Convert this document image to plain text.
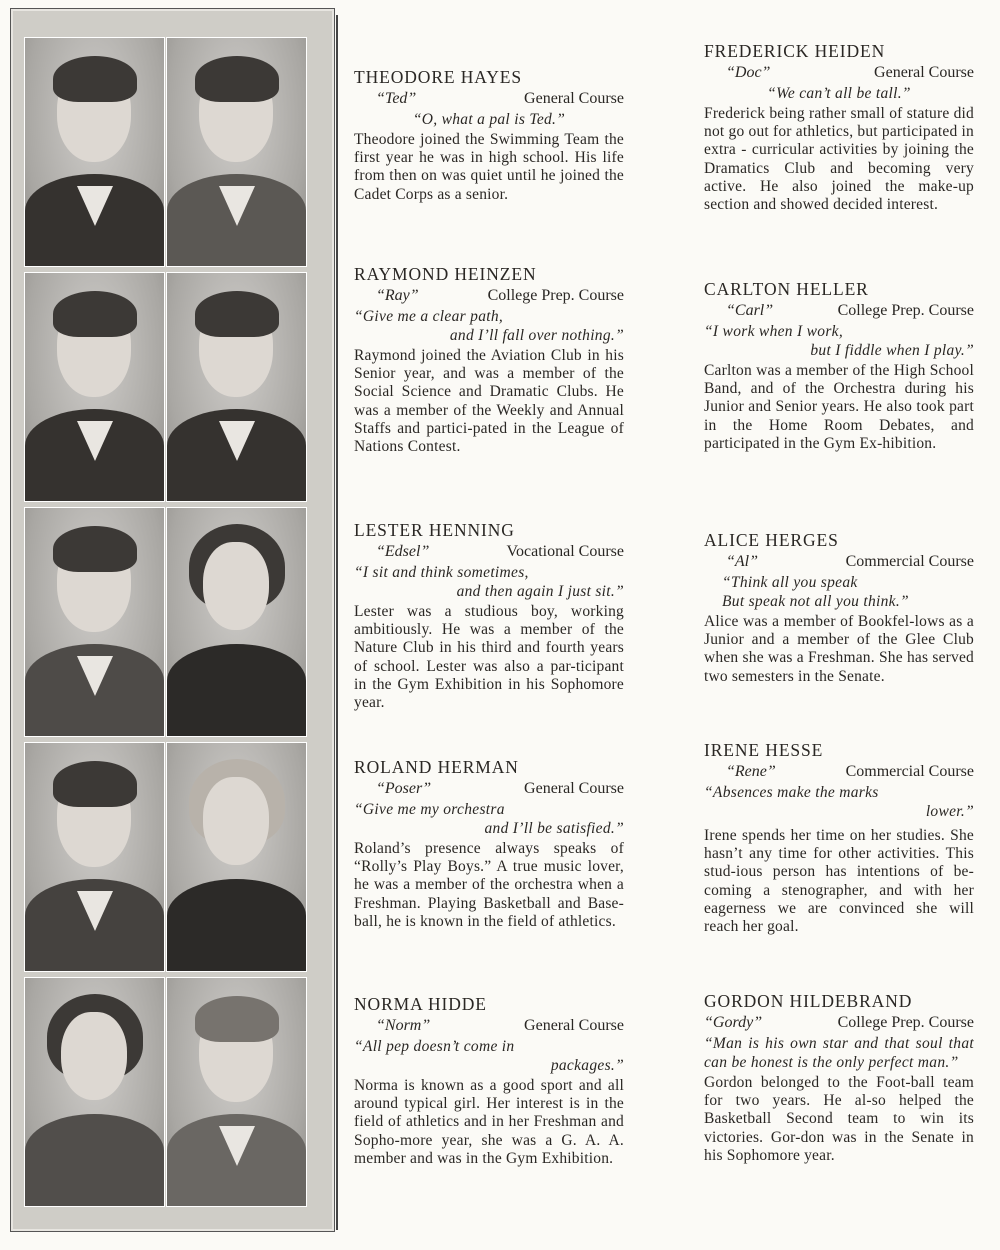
THEODORE HAYES
“Ted”	General Course
“O, what a pal is Ted.”
Theodore joined the Swimming Team the first year he was in high school. His life from then on was quiet until he joined the Cadet Corps as a senior.
RAYMOND HEINZEN
“Ray”	College Prep. Course
“Give me a clear path,
and I’ll fall over nothing.”
Raymond joined the Aviation Club in his Senior year, and was a member of the Social Science and Dramatic Clubs. He was a member of the Weekly and Annual Staffs and partici-pated in the League of Nations Contest.
LESTER HENNING
“Edsel”	Vocational Course
“I sit and think sometimes,
and then again I just sit.”
Lester was a studious boy, working ambitiously. He was a member of the Nature Club in his third and fourth years of school. Lester was also a par-ticipant in the Gym Exhibition in his Sophomore year.
ROLAND HERMAN
“Poser”	General Course
“Give me my orchestra
and I’ll be satisfied.”
Roland’s presence always speaks of “Rolly’s Play Boys.” A true music lover, he was a member of the orchestra when a Freshman. Playing Basketball and Base-ball, he is known in the field of athletics.
NORMA HIDDE
“Norm”	General Course
“All pep doesn’t come in
packages.”
Norma is known as a good sport and all around typical girl. Her interest is in the field of athletics and in her Freshman and Sopho-more year, she was a G. A. A. member and was in the Gym Exhibition.
FREDERICK HEIDEN
“Doc”	General Course
“We can’t all be tall.”
Frederick being rather small of stature did not go out for athletics, but participated in extra - curricular activities by joining the Dramatics Club and becoming very active. He also joined the make-up section and showed decided interest.
CARLTON HELLER
“Carl”	College Prep. Course
“I work when I work,
but I fiddle when I play.”
Carlton was a member of the High School Band, and of the Orchestra during his Junior and Senior years. He also took part in the Home Room Debates, and participated in the Gym Ex-hibition.
ALICE HERGES
“Al”	Commercial Course
“Think all you speak
But speak not all you think.”
Alice was a member of Bookfel-lows as a Junior and a member of the Glee Club when she was a Freshman. She has served two semesters in the Senate.
IRENE HESSE
“Rene”	Commercial Course
“Absences make the marks
lower.”
Irene spends her time on her studies. She hasn’t any time for other activities. This stud-ious person has intentions of be-coming a stenographer, and with her eagerness we are convinced she will reach her goal.
GORDON HILDEBRAND
“Gordy”	College Prep. Course
“Man is his own star and that soul that can be honest is the only perfect man.”
Gordon belonged to the Foot-ball team for two years. He al-so helped the Basketball Second team to win its victories. Gor-don was in the Senate in his Sophomore year.
